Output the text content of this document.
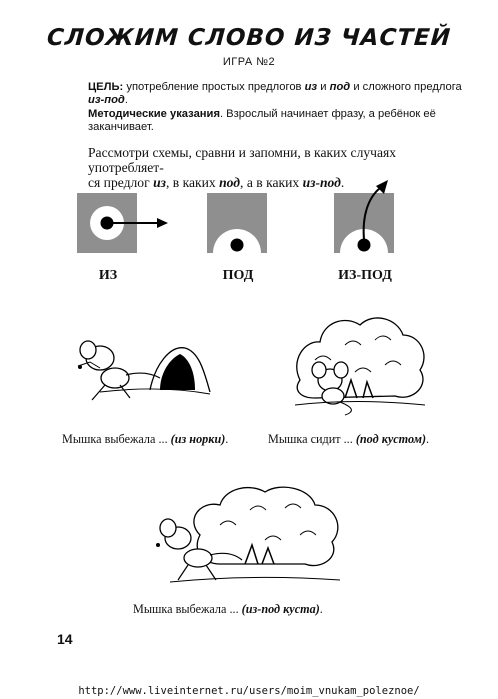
СЛОЖИМ СЛОВО ИЗ ЧАСТЕЙ
ИГРА №2
ЦЕЛЬ: употребление простых предлогов из и под и сложного предлога из-под.
Методические указания. Взрослый начинает фразу, а ребёнок её заканчивает.
Рассмотри схемы, сравни и запомни, в каких случаях употребляет-
ся предлог из, в каких под, а в каких из-под.
ИЗ	ПОД	ИЗ-ПОД
Мышка выбежала ... (из норки).	Мышка сидит ... (под кустом).
Мышка выбежала ... (из-под куста).
14
http://www.liveinternet.ru/users/moim_vnukam_poleznoe/
